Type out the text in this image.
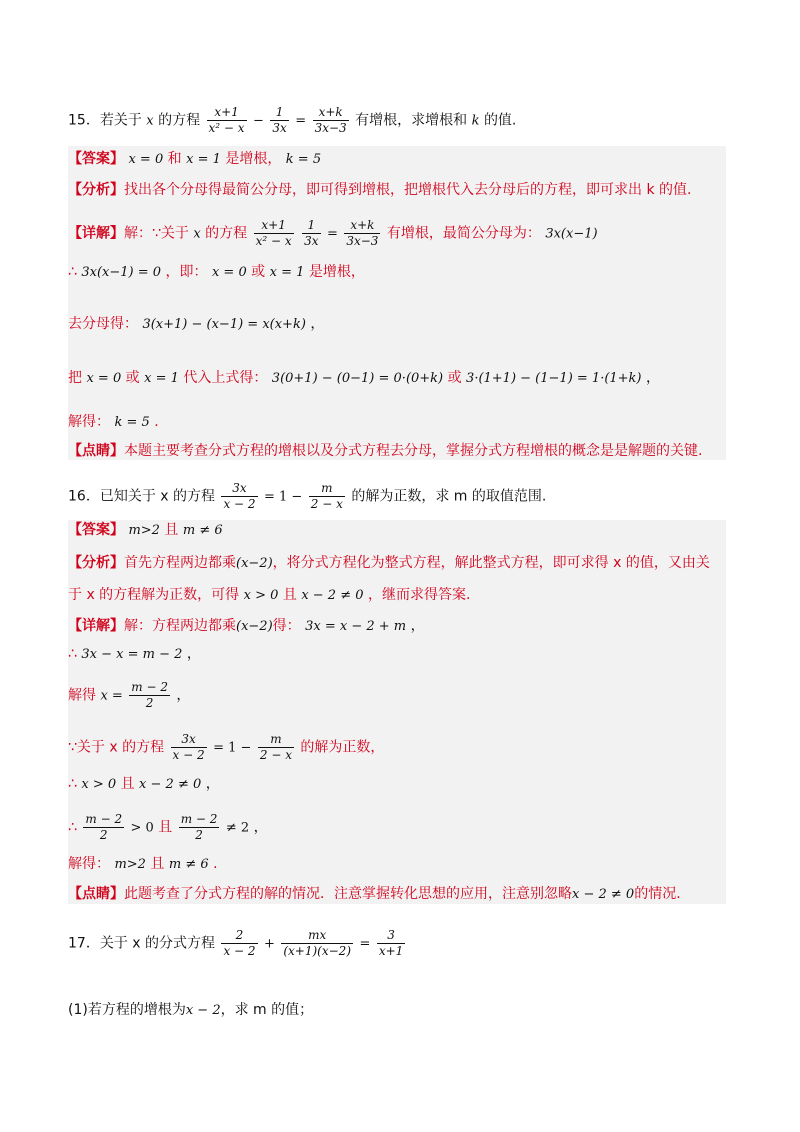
15．若关于 x 的方程 $\frac{x+1}{\text{x² − x}} - \frac{1}{3x} = \frac{x+k}{3x-3}$ 有增根，求增根和 k 的值.
【答案】 x = 0 和 x = 1 是增根， k = 5
【分析】找出各个分母得最简公分母，即可得到增根，把增根代入去分母后的方程，即可求出 k 的值.
【详解】解：∵关于 x 的方程 $\frac{x+1}{\text{x² − x}}$
$\frac{1}{3x} = \frac{x+k}{3x-3}$ 有增根，最简公分母为： 3x(x−1)
∴ 3x(x−1) = 0 ，即： x = 0 或 x = 1 是增根，
去分母得： 3(x+1) − (x−1) = x(x+k) ，
把 x = 0 或 x = 1 代入上式得： 3(0+1) − (0−1) = 0·(0+k) 或 3·(1+1) − (1−1) = 1·(1+k) ，
解得： k = 5 .
【点睛】本题主要考查分式方程的增根以及分式方程去分母，掌握分式方程增根的概念是是解题的关键.
16．已知关于 x 的方程 $\frac{3x}{x - 2} = 1 - \frac{m}{2 - x}$ 的解为正数，求 m 的取值范围.
【答案】 m>2 且 m ≠ 6
【分析】首先方程两边都乘(x−2)，将分式方程化为整式方程，解此整式方程，即可求得 x 的值，又由关
于 x 的方程解为正数，可得 x > 0 且 x − 2 ≠ 0 ，继而求得答案.
【详解】解：方程两边都乘(x−2)得： 3x = x − 2 + m ，
∴ 3x − x = m − 2 ，
解得 $x = \frac{m - 2}{2}$ ，
∵关于 x 的方程 $\frac{3x}{x - 2} = 1 - \frac{m}{2 - x}$ 的解为正数，
∴ x > 0 且 x − 2 ≠ 0 ，
∴ $\frac{m - 2}{2} > 0$ 且 $\frac{m - 2}{2} \ne 2$ ，
解得： m>2 且 m ≠ 6 .
【点睛】此题考查了分式方程的解的情况．注意掌握转化思想的应用，注意别忽略x − 2 ≠ 0的情况.
17．关于 x 的分式方程 $\frac{2}{x - 2} + \frac{mx}{(x+1)(x-2)} = \frac{3}{x+1}$
(1)若方程的增根为x − 2，求 m 的值；
